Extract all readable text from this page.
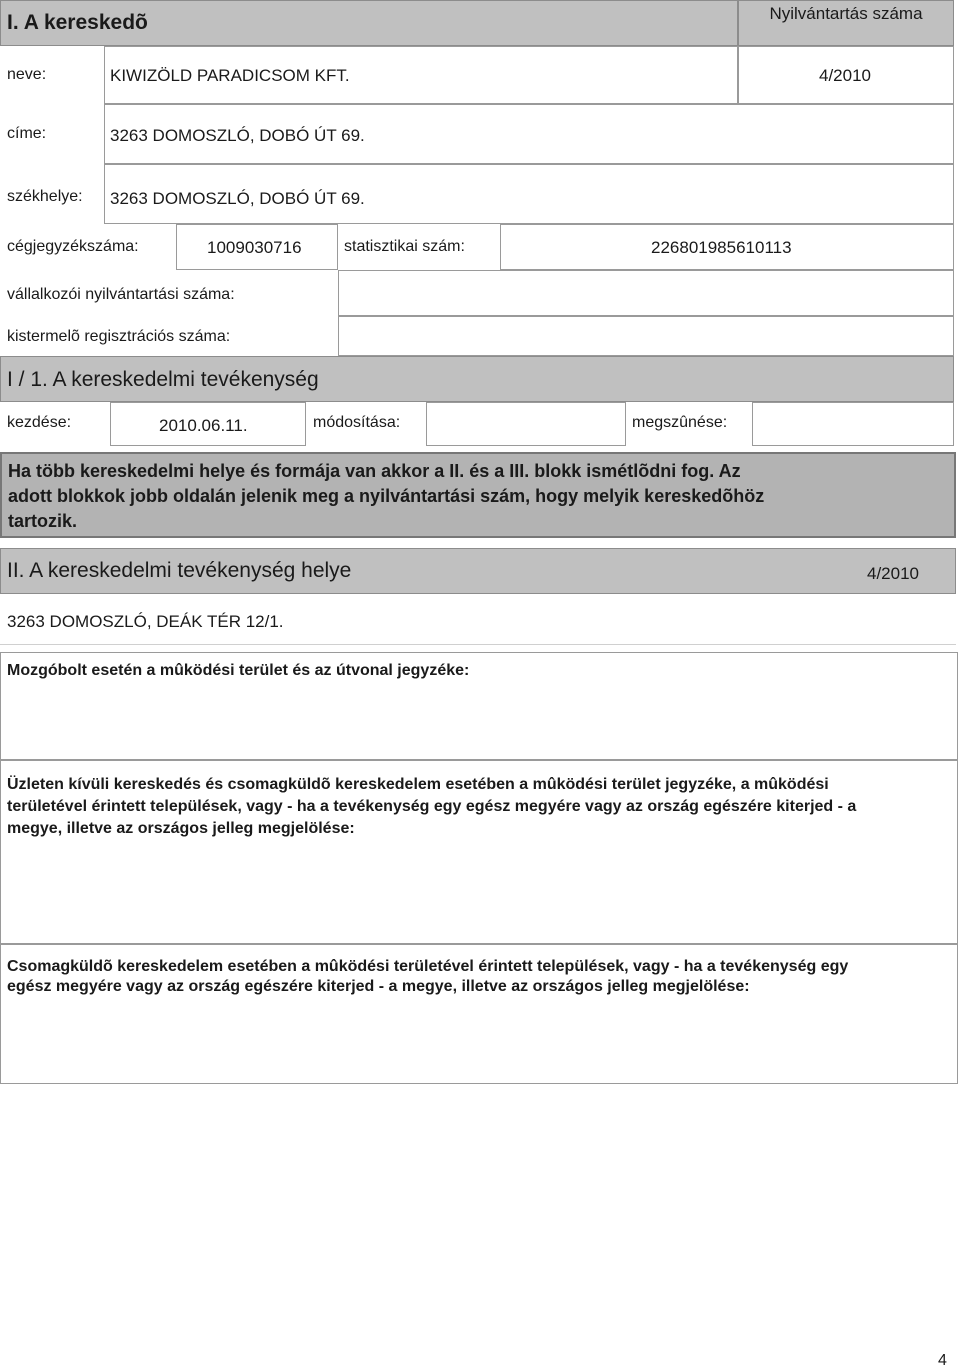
I. A kereskedõ	Nyilvántartás száma
neve:	KIWIZÖLD PARADICSOM KFT.	4/2010
címe:	3263 DOMOSZLÓ, DOBÓ ÚT 69.
székhelye: 3263 DOMOSZLÓ, DOBÓ ÚT 69.
cégjegyzékszáma:	1009030716	statisztikai szám:	226801985610113
vállalkozói nyilvántartási száma:
kistermelõ regisztrációs száma:
I / 1. A kereskedelmi tevékenység
kezdése:	2010.06.11.	módosítása:	megszûnése:
Ha több kereskedelmi helye és formája van akkor a II. és a III. blokk ismétlõdni fog. Az
adott blokkok jobb oldalán jelenik meg a nyilvántartási szám, hogy melyik kereskedõhöz
tartozik.
II. A kereskedelmi tevékenység helye	4/2010
3263 DOMOSZLÓ, DEÁK TÉR 12/1.
Mozgóbolt esetén a mûködési terület és az útvonal jegyzéke:
Üzleten kívüli kereskedés és csomagküldõ kereskedelem esetében a mûködési terület jegyzéke, a mûködési
területével érintett települések, vagy - ha a tevékenység egy egész megyére vagy az ország egészére kiterjed - a
megye, illetve az országos jelleg megjelölése:
Csomagküldõ kereskedelem esetében a mûködési területével érintett települések, vagy - ha a tevékenység egy
egész megyére vagy az ország egészére kiterjed - a megye, illetve az országos jelleg megjelölése:
4
